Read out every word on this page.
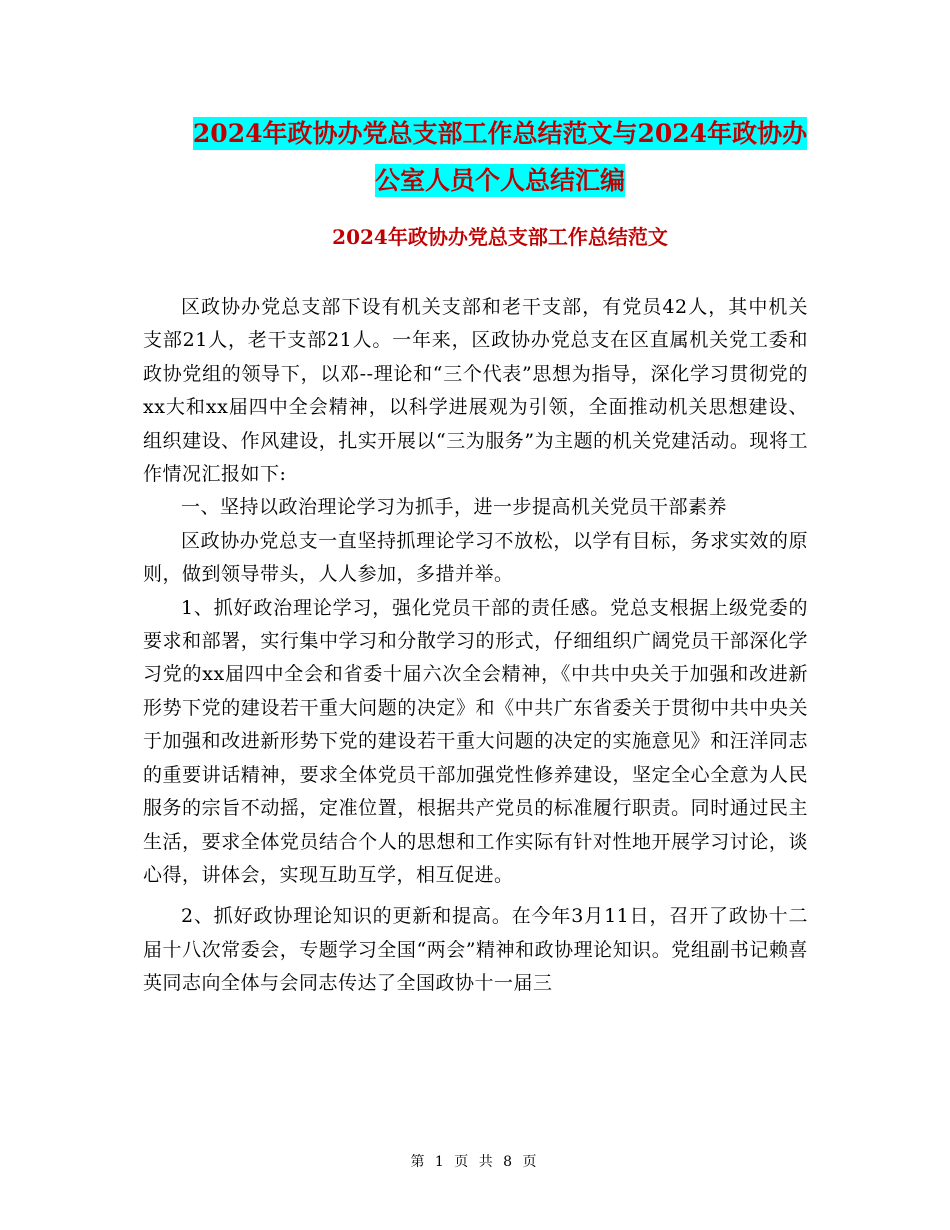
2024年政协办党总支部工作总结范文与2024年政协办
公室人员个人总结汇编
2024年政协办党总支部工作总结范文

区政协办党总支部下设有机关支部和老干支部，有党员42人，其中机关支部21人，老干支部21人。一年来，区政协办党总支在区直属机关党工委和政协党组的领导下，以邓--理论和“三个代表”思想为指导，深化学习贯彻党的xx大和xx届四中全会精神，以科学进展观为引领，全面推动机关思想建设、组织建设、作风建设，扎实开展以“三为服务”为主题的机关党建活动。现将工作情况汇报如下:

一、坚持以政治理论学习为抓手，进一步提高机关党员干部素养

区政协办党总支一直坚持抓理论学习不放松，以学有目标，务求实效的原则，做到领导带头，人人参加，多措并举。

1、抓好政治理论学习，强化党员干部的责任感。党总支根据上级党委的要求和部署，实行集中学习和分散学习的形式，仔细组织广阔党员干部深化学习党的xx届四中全会和省委十届六次全会精神，《中共中央关于加强和改进新形势下党的建设若干重大问题的决定》和《中共广东省委关于贯彻中共中央关于加强和改进新形势下党的建设若干重大问题的决定的实施意见》和汪洋同志的重要讲话精神，要求全体党员干部加强党性修养建设，坚定全心全意为人民服务的宗旨不动摇，定准位置，根据共产党员的标准履行职责。同时通过民主生活，要求全体党员结合个人的思想和工作实际有针对性地开展学习讨论，谈心得，讲体会，实现互助互学，相互促进。

2、抓好政协理论知识的更新和提高。在今年3月11日，召开了政协十二届十八次常委会，专题学习全国“两会”精神和政协理论知识。党组副书记赖喜英同志向全体与会同志传达了全国政协十一届三

第 1 页 共 8 页
